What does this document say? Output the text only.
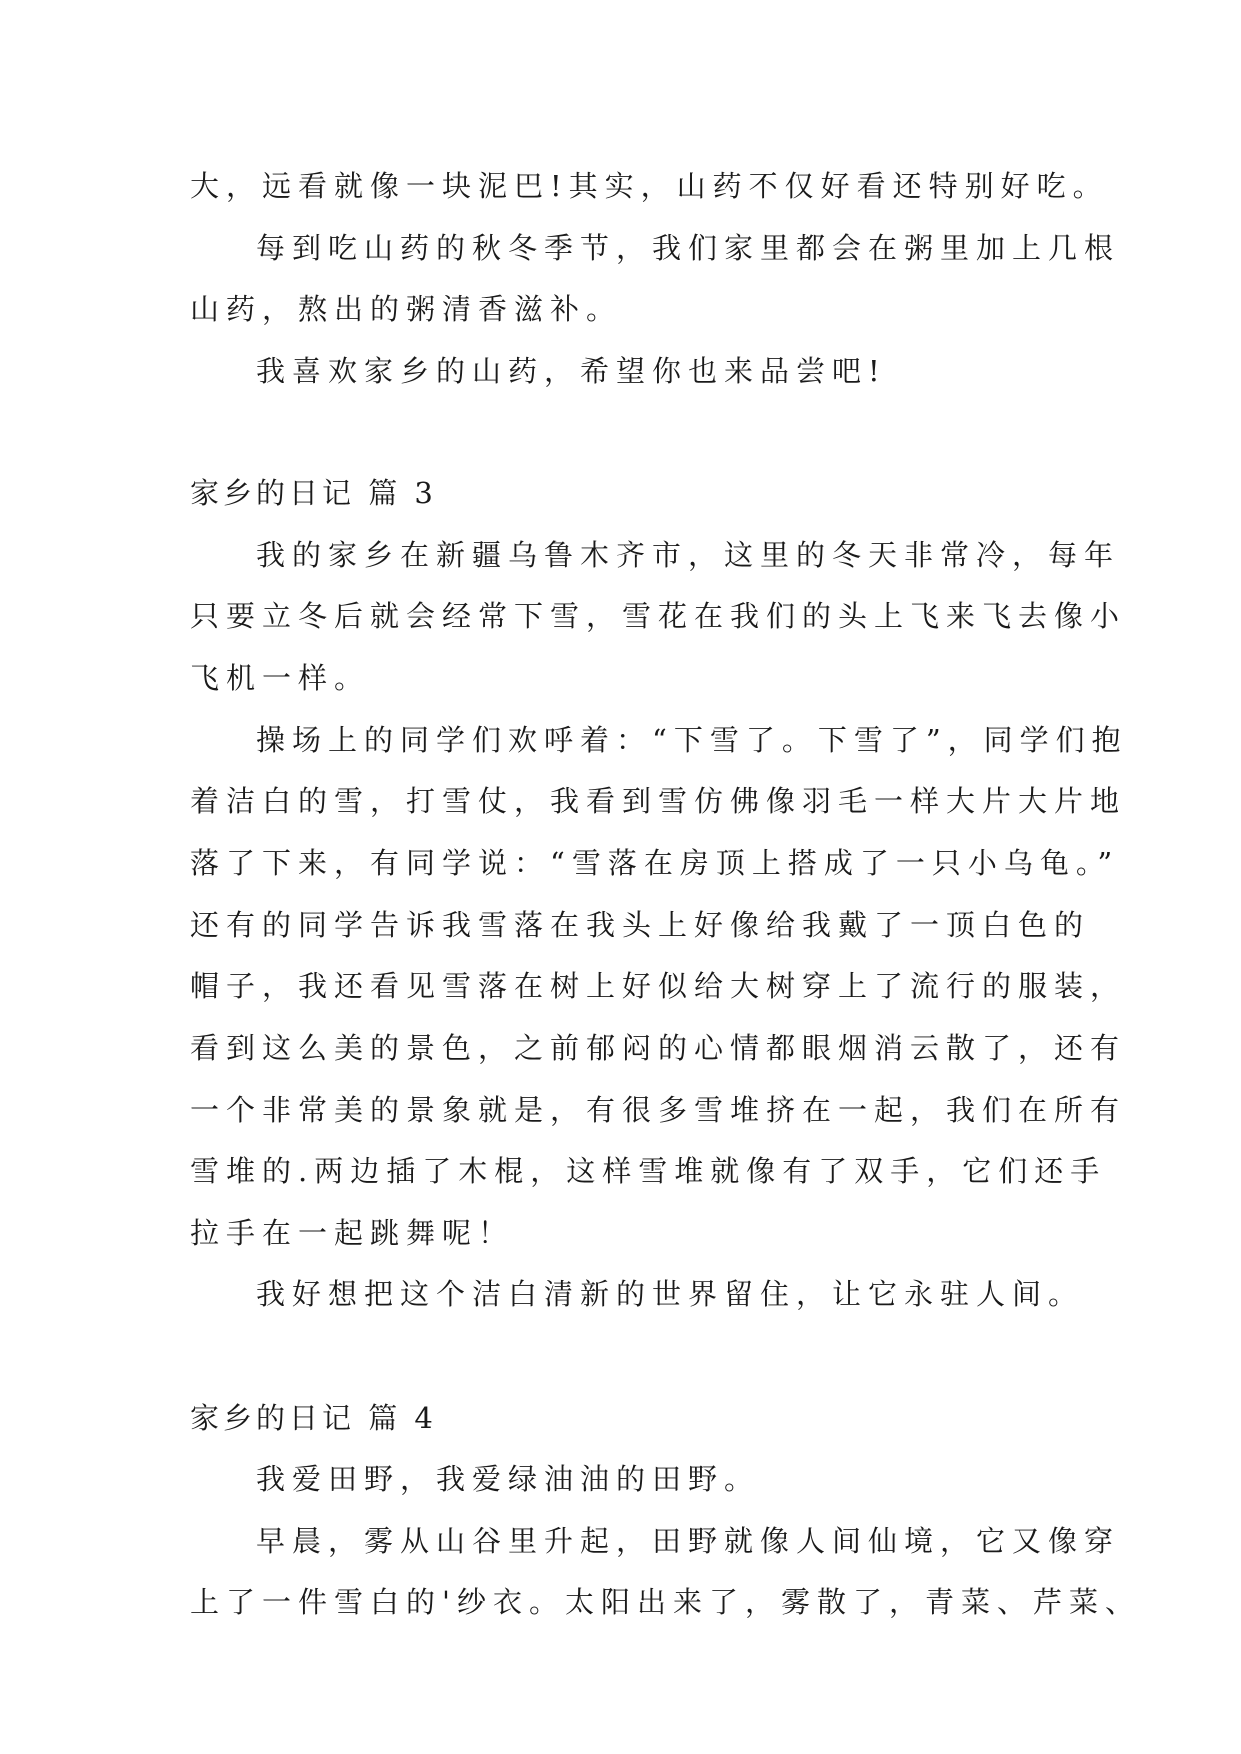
大，远看就像一块泥巴!其实，山药不仅好看还特别好吃。
每到吃山药的秋冬季节，我们家里都会在粥里加上几根
山药，熬出的粥清香滋补。
我喜欢家乡的山药，希望你也来品尝吧!
家乡的日记 篇 3
我的家乡在新疆乌鲁木齐市，这里的冬天非常冷，每年
只要立冬后就会经常下雪，雪花在我们的头上飞来飞去像小
飞机一样。
操场上的同学们欢呼着：“下雪了。下雪了”，同学们抱
着洁白的雪，打雪仗，我看到雪仿佛像羽毛一样大片大片地
落了下来，有同学说：“雪落在房顶上搭成了一只小乌龟。”
还有的同学告诉我雪落在我头上好像给我戴了一顶白色的
帽子，我还看见雪落在树上好似给大树穿上了流行的服装，
看到这么美的景色，之前郁闷的心情都眼烟消云散了，还有
一个非常美的景象就是，有很多雪堆挤在一起，我们在所有
雪堆的.两边插了木棍，这样雪堆就像有了双手，它们还手
拉手在一起跳舞呢！
我好想把这个洁白清新的世界留住，让它永驻人间。
家乡的日记 篇 4
我爱田野，我爱绿油油的田野。
早晨，雾从山谷里升起，田野就像人间仙境，它又像穿
上了一件雪白的'纱衣。太阳出来了，雾散了，青菜、芹菜、
